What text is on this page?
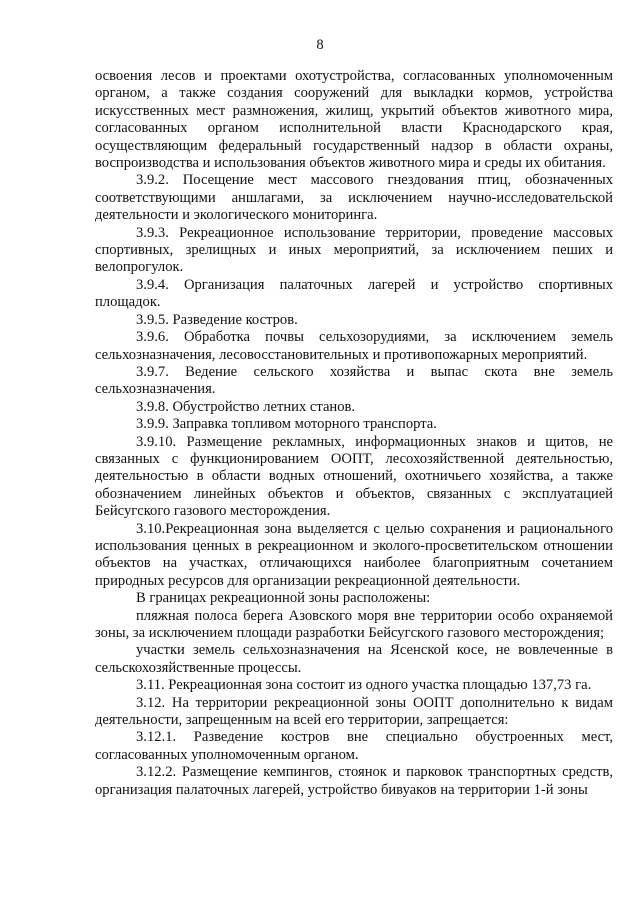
8

освоения лесов и проектами охотустройства, согласованных уполномоченным органом, а также создания сооружений для выкладки кормов, устройства искусственных мест размножения, жилищ, укрытий объектов животного мира, согласованных органом исполнительной власти Краснодарского края, осуществляющим федеральный государственный надзор в области охраны, воспроизводства и использования объектов животного мира и среды их обитания.

3.9.2. Посещение мест массового гнездования птиц, обозначенных соответствующими аншлагами, за исключением научно-исследовательской деятельности и экологического мониторинга.

3.9.3. Рекреационное использование территории, проведение массовых спортивных, зрелищных и иных мероприятий, за исключением пеших и велопрогулок.

3.9.4. Организация палаточных лагерей и устройство спортивных площадок.

3.9.5. Разведение костров.

3.9.6. Обработка почвы сельхозорудиями, за исключением земель сельхозназначения, лесовосстановительных и противопожарных мероприятий.

3.9.7. Ведение сельского хозяйства и выпас скота вне земель сельхозназначения.

3.9.8. Обустройство летних станов.

3.9.9. Заправка топливом моторного транспорта.

3.9.10. Размещение рекламных, информационных знаков и щитов, не связанных с функционированием ООПТ, лесохозяйственной деятельностью, деятельностью в области водных отношений, охотничьего хозяйства, а также обозначением линейных объектов и объектов, связанных с эксплуатацией Бейсугского газового месторождения.

3.10.Рекреационная зона выделяется с целью сохранения и рационального использования ценных в рекреационном и эколого-просветительском отношении объектов на участках, отличающихся наиболее благоприятным сочетанием природных ресурсов для организации рекреационной деятельности.

В границах рекреационной зоны расположены:

пляжная полоса берега Азовского моря вне территории особо охраняемой зоны, за исключением площади разработки Бейсугского газового месторождения;

участки земель сельхозназначения на Ясенской косе, не вовлеченные в сельскохозяйственные процессы.

3.11. Рекреационная зона состоит из одного участка площадью 137,73 га.

3.12. На территории рекреационной зоны ООПТ дополнительно к видам деятельности, запрещенным на всей его территории, запрещается:

3.12.1. Разведение костров вне специально обустроенных мест, согласованных уполномоченным органом.

3.12.2. Размещение кемпингов, стоянок и парковок транспортных средств, организация палаточных лагерей, устройство бивуаков на территории 1-й зоны
